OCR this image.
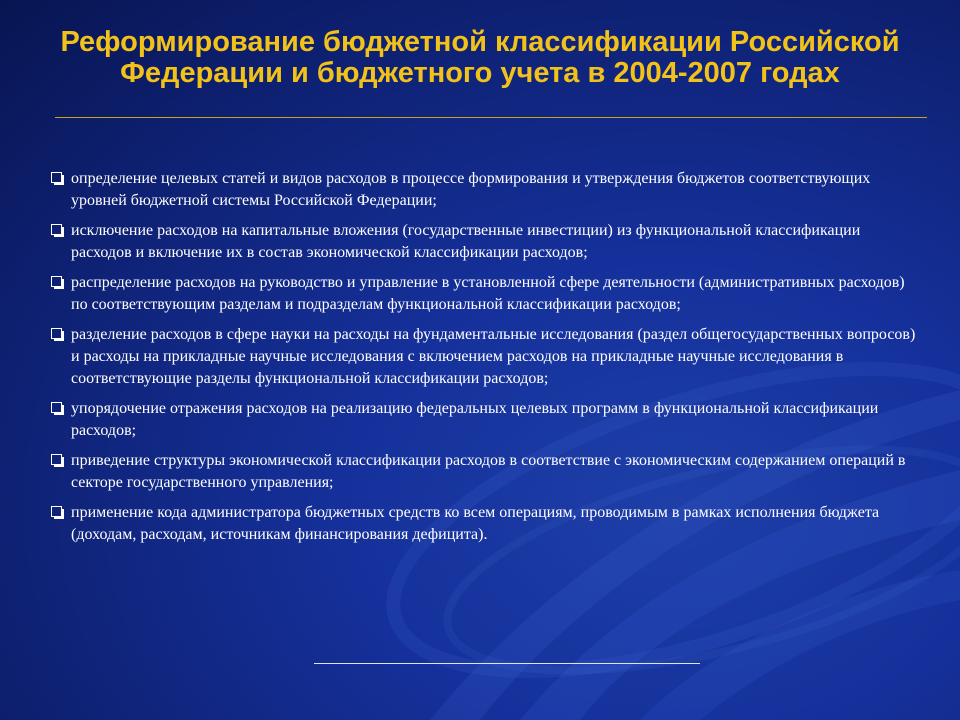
Реформирование бюджетной классификации Российской Федерации и бюджетного учета в 2004-2007 годах
определение целевых статей и видов расходов в процессе формирования и утверждения бюджетов соответствующих уровней бюджетной системы Российской Федерации;
исключение расходов на капитальные вложения (государственные инвестиции) из функциональной классификации расходов и включение их в состав экономической классификации расходов;
распределение расходов на руководство и управление в установленной сфере деятельности (административных расходов) по соответствующим разделам и подразделам функциональной классификации расходов;
разделение расходов в сфере науки на расходы на фундаментальные исследования (раздел общегосударственных вопросов) и расходы на прикладные научные исследования с включением расходов на прикладные научные исследования в соответствующие разделы функциональной классификации расходов;
упорядочение отражения расходов на реализацию федеральных целевых программ в функциональной классификации расходов;
приведение структуры экономической классификации расходов в соответствие с экономическим содержанием операций в секторе государственного управления;
применение кода администратора бюджетных средств ко всем операциям, проводимым в рамках исполнения бюджета (доходам, расходам, источникам финансирования дефицита).
